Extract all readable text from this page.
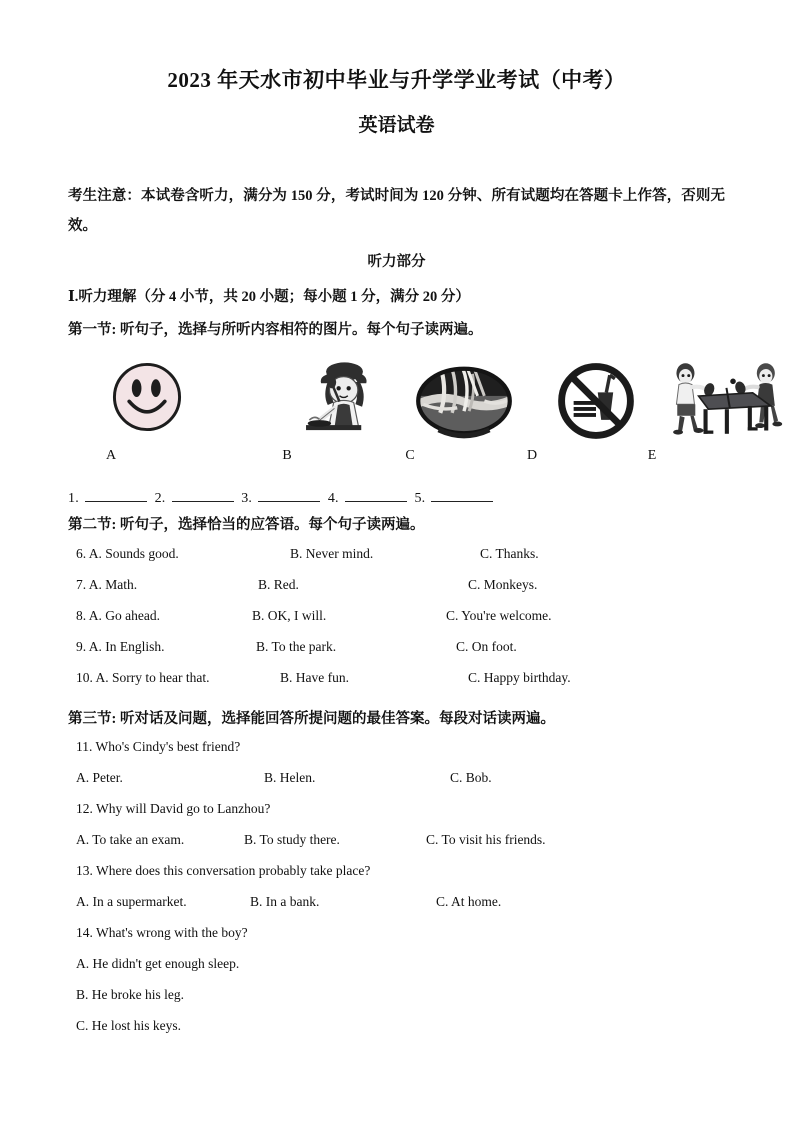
2023 年天水市初中毕业与升学学业考试（中考）
英语试卷

考生注意：本试卷含听力，满分为 150 分，考试时间为 120 分钟、所有试题均在答题卡上作答，否则无效。

听力部分

Ⅰ.听力理解（分 4 小节，共 20 小题；每小题 1 分，满分 20 分）

第一节: 听句子，选择与所听内容相符的图片。每个句子读两遍。

A	B	C	D	E

1.	2.	3.	4.	5.

第二节: 听句子，选择恰当的应答语。每个句子读两遍。

6. A. Sounds good.	B. Never mind.	C. Thanks.
7. A. Math.	B. Red.	C. Monkeys.
8. A. Go ahead.	B. OK, I will.	C. You're welcome.
9. A. In English.	B. To the park.	C. On foot.
10. A. Sorry to hear that.	B. Have fun.	C. Happy birthday.

第三节: 听对话及问题，选择能回答所提问题的最佳答案。每段对话读两遍。

11. Who's Cindy's best friend?
A. Peter.	B. Helen.	C. Bob.
12. Why will David go to Lanzhou?
A. To take an exam.	B. To study there.	C. To visit his friends.
13. Where does this conversation probably take place?
A. In a supermarket.	B. In a bank.	C. At home.
14. What's wrong with the boy?
A. He didn't get enough sleep.
B. He broke his leg.
C. He lost his keys.
